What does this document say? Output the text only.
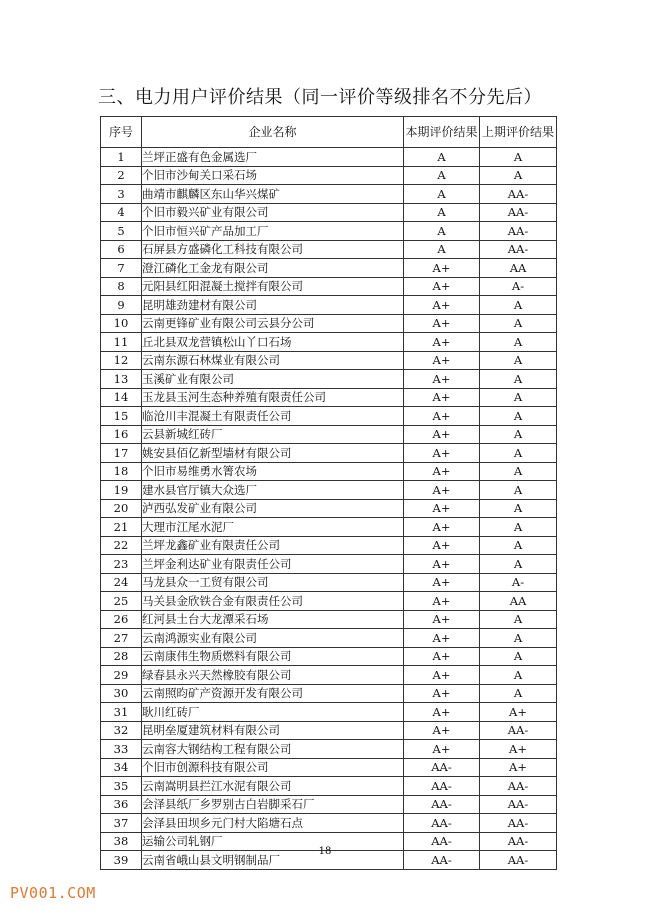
三、电力用户评价结果（同一评价等级排名不分先后）
序号	企业名称	本期评价结果	上期评价结果
1	兰坪正盛有色金属选厂	A	A
2	个旧市沙甸关口采石场	A	A
3	曲靖市麒麟区东山华兴煤矿	A	AA-
4	个旧市毅兴矿业有限公司	A	AA-
5	个旧市恒兴矿产品加工厂	A	AA-
6	石屏县方盛磷化工科技有限公司	A	AA-
7	澄江磷化工金龙有限公司	A+	AA
8	元阳县红阳混凝土搅拌有限公司	A+	A-
9	昆明雄劲建材有限公司	A+	A
10	云南更锋矿业有限公司云县分公司	A+	A
11	丘北县双龙营镇松山丫口石场	A+	A
12	云南东源石林煤业有限公司	A+	A
13	玉溪矿业有限公司	A+	A
14	玉龙县玉河生态种养殖有限责任公司	A+	A
15	临沧川丰混凝土有限责任公司	A+	A
16	云县新城红砖厂	A+	A
17	姚安县佰亿新型墙材有限公司	A+	A
18	个旧市易维勇水箐农场	A+	A
19	建水县官厅镇大众选厂	A+	A
20	泸西弘发矿业有限公司	A+	A
21	大理市江尾水泥厂	A+	A
22	兰坪龙鑫矿业有限责任公司	A+	A
23	兰坪金利达矿业有限责任公司	A+	A
24	马龙县众一工贸有限公司	A+	A-
25	马关县金欣铁合金有限责任公司	A+	AA
26	红河县土台大龙潭采石场	A+	A
27	云南鸿源实业有限公司	A+	A
28	云南康伟生物质燃料有限公司	A+	A
29	绿春县永兴天然橡胶有限公司	A+	A
30	云南照昀矿产资源开发有限公司	A+	A
31	耿川红砖厂	A+	A+
32	昆明垒厦建筑材料有限公司	A+	AA-
33	云南容大钢结构工程有限公司	A+	A+
34	个旧市创源科技有限公司	AA-	A+
35	云南嵩明县拦江水泥有限公司	AA-	AA-
36	会泽县纸厂乡罗别古白岩脚采石厂	AA-	AA-
37	会泽县田坝乡元门村大陷塘石点	AA-	AA-
38	运输公司轧钢厂	AA-	AA-
39	云南省峨山县文明钢制品厂	AA-	AA-
18
PV001.COM
